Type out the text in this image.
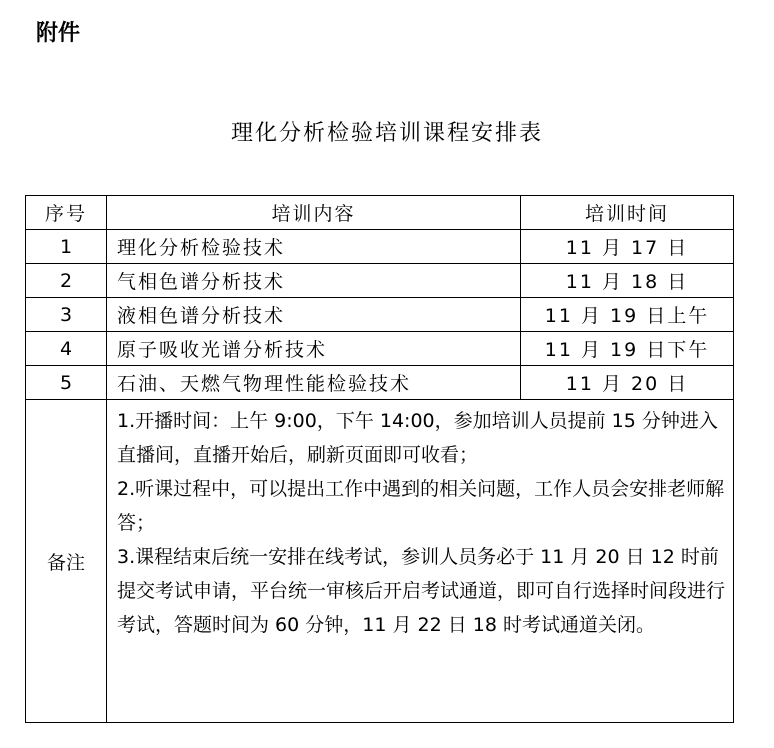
附件
理化分析检验培训课程安排表
序号	培训内容	培训时间
1	理化分析检验技术	11 月 17 日
2	气相色谱分析技术	11 月 18 日
3	液相色谱分析技术	11 月 19 日上午
4	原子吸收光谱分析技术	11 月 19 日下午
5	石油、天燃气物理性能检验技术	11 月 20 日
备注	1.开播时间：上午 9:00，下午 14:00，参加培训人员提前 15 分钟进入直播间，直播开始后，刷新页面即可收看；
2.听课过程中，可以提出工作中遇到的相关问题，工作人员会安排老师解答；
3.课程结束后统一安排在线考试，参训人员务必于 11 月 20 日 12 时前提交考试申请，平台统一审核后开启考试通道，即可自行选择时间段进行考试，答题时间为 60 分钟，11 月 22 日 18 时考试通道关闭。	
